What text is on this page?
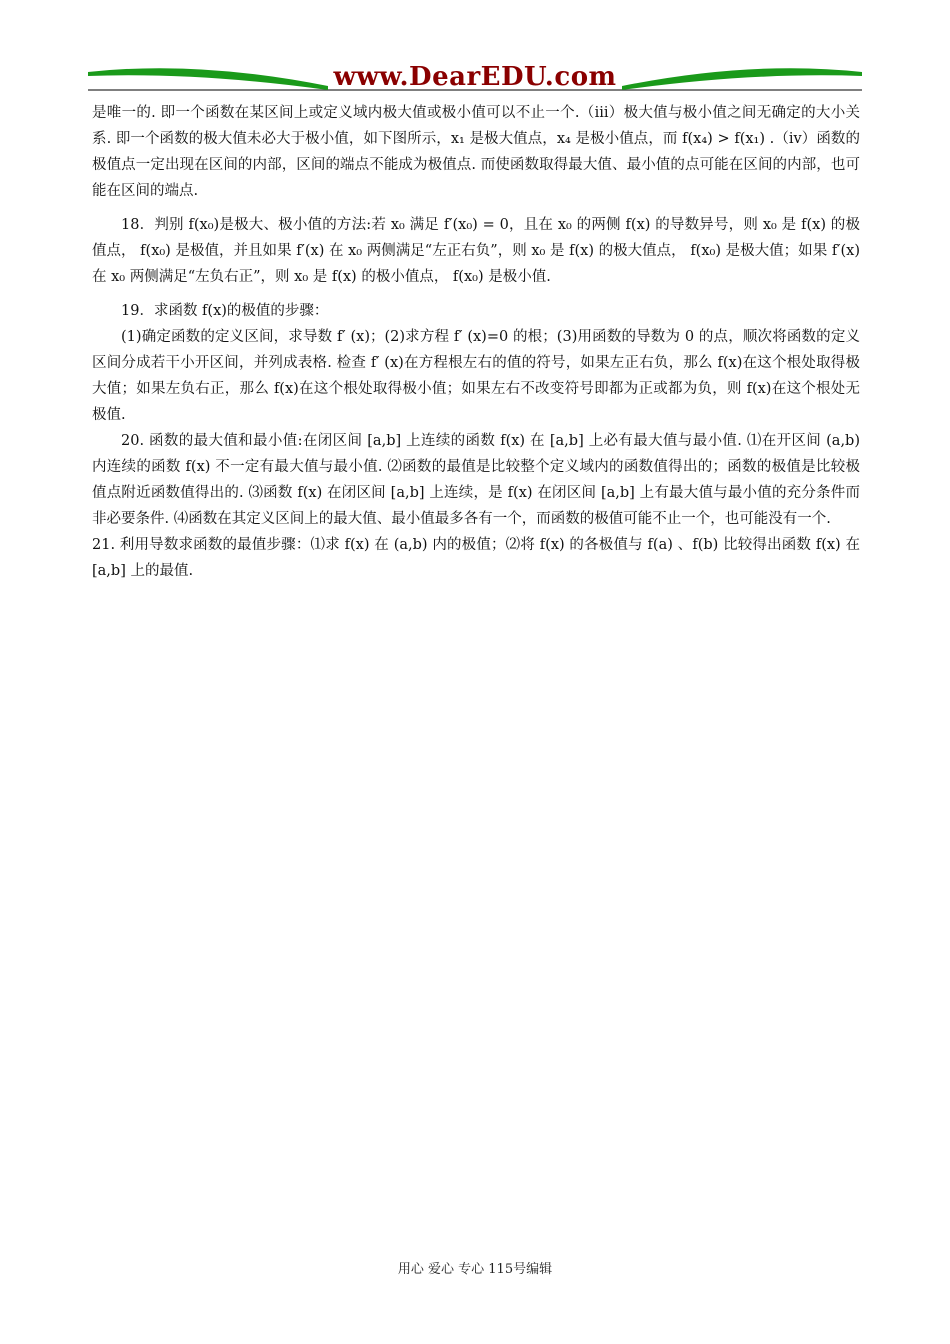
www.DearEDU.com

是唯一的. 即一个函数在某区间上或定义域内极大值或极小值可以不止一个.（iii）极大值与极小值之间无确定的大小关系. 即一个函数的极大值未必大于极小值，如下图所示，x₁ 是极大值点，x₄ 是极小值点，而 f(x₄) > f(x₁) .（iv）函数的极值点一定出现在区间的内部，区间的端点不能成为极值点. 而使函数取得最大值、最小值的点可能在区间的内部，也可能在区间的端点.

18．判别 f(x₀)是极大、极小值的方法:若 x₀ 满足 f′(x₀) = 0，且在 x₀ 的两侧 f(x) 的导数异号，则 x₀ 是 f(x) 的极值点， f(x₀) 是极值，并且如果 f′(x) 在 x₀ 两侧满足“左正右负”，则 x₀ 是 f(x) 的极大值点， f(x₀) 是极大值；如果 f′(x) 在 x₀ 两侧满足“左负右正”，则 x₀ 是 f(x) 的极小值点， f(x₀) 是极小值.

19．求函数 f(x)的极值的步骤：

(1)确定函数的定义区间，求导数 f′ (x)；(2)求方程 f′ (x)=0 的根；(3)用函数的导数为 0 的点，顺次将函数的定义区间分成若干小开区间，并列成表格. 检查 f′ (x)在方程根左右的值的符号，如果左正右负，那么 f(x)在这个根处取得极大值；如果左负右正，那么 f(x)在这个根处取得极小值；如果左右不改变符号即都为正或都为负，则 f(x)在这个根处无极值.

20. 函数的最大值和最小值:在闭区间 [a,b] 上连续的函数 f(x) 在 [a,b] 上必有最大值与最小值. ⑴在开区间 (a,b) 内连续的函数 f(x) 不一定有最大值与最小值. ⑵函数的最值是比较整个定义域内的函数值得出的；函数的极值是比较极值点附近函数值得出的. ⑶函数 f(x) 在闭区间 [a,b] 上连续，是 f(x) 在闭区间 [a,b] 上有最大值与最小值的充分条件而非必要条件. ⑷函数在其定义区间上的最大值、最小值最多各有一个，而函数的极值可能不止一个，也可能没有一个.

21. 利用导数求函数的最值步骤：⑴求 f(x) 在 (a,b) 内的极值；⑵将 f(x) 的各极值与 f(a) 、f(b) 比较得出函数 f(x) 在 [a,b] 上的最值.

用心 爱心 专心 115号编辑
